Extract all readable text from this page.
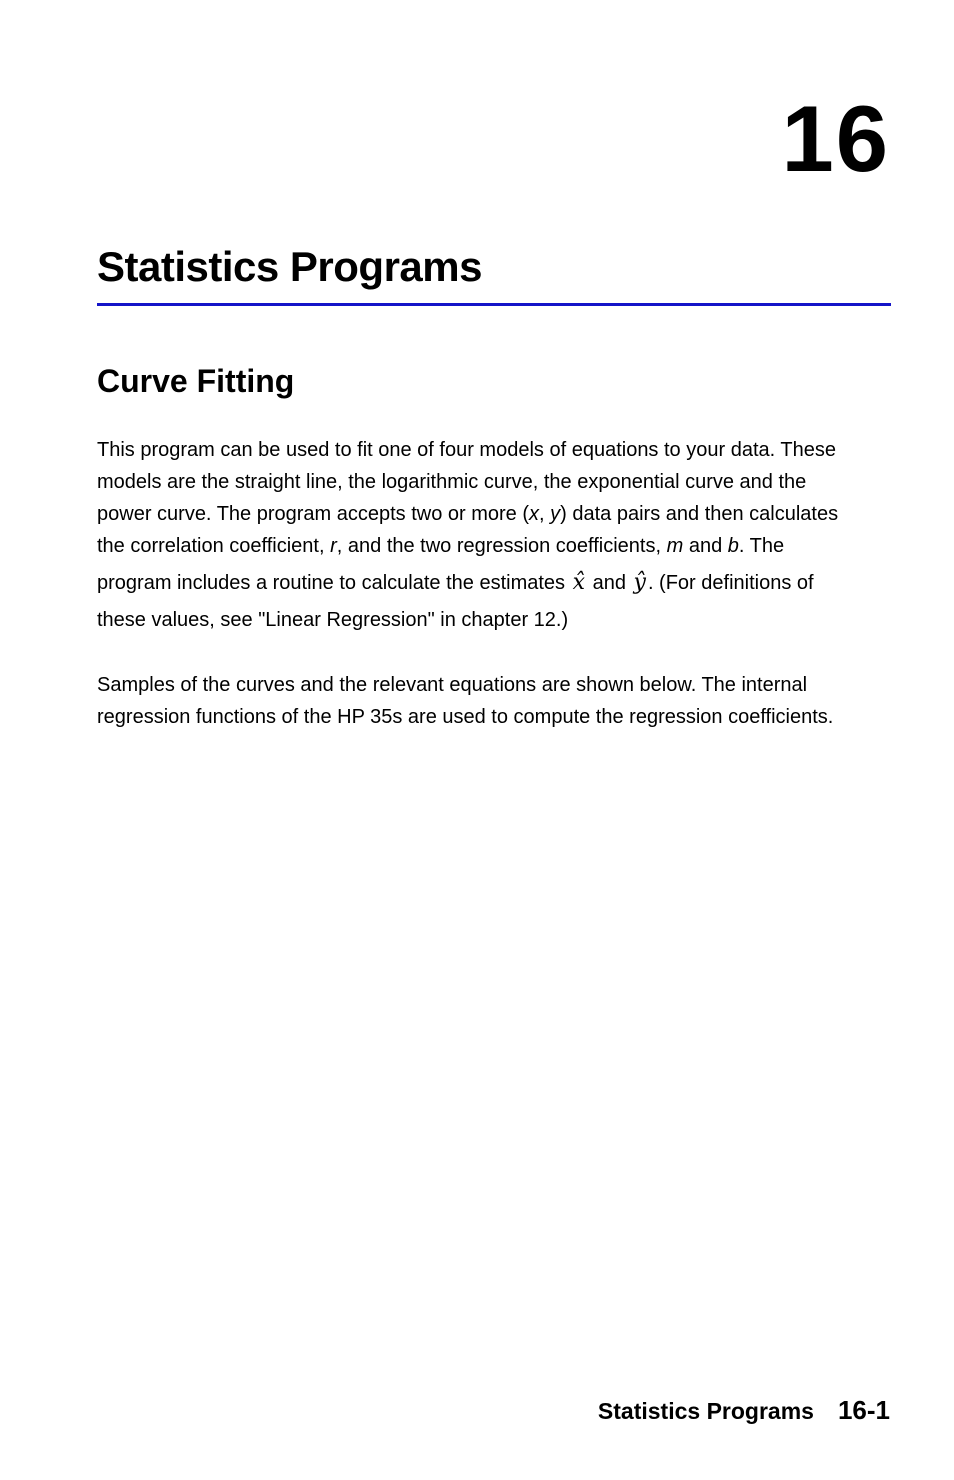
16
Statistics Programs
Curve Fitting

This program can be used to fit one of four models of equations to your data. These
models are the straight line, the logarithmic curve, the exponential curve and the
power curve. The program accepts two or more (x, y) data pairs and then calculates
the correlation coefficient, r, and the two regression coefficients, m and b. The
program includes a routine to calculate the estimates x̂ and ŷ . (For definitions of
these values, see "Linear Regression" in chapter 12.)

Samples of the curves and the relevant equations are shown below. The internal
regression functions of the HP 35s are used to compute the regression coefficients.

Statistics Programs 16-1
